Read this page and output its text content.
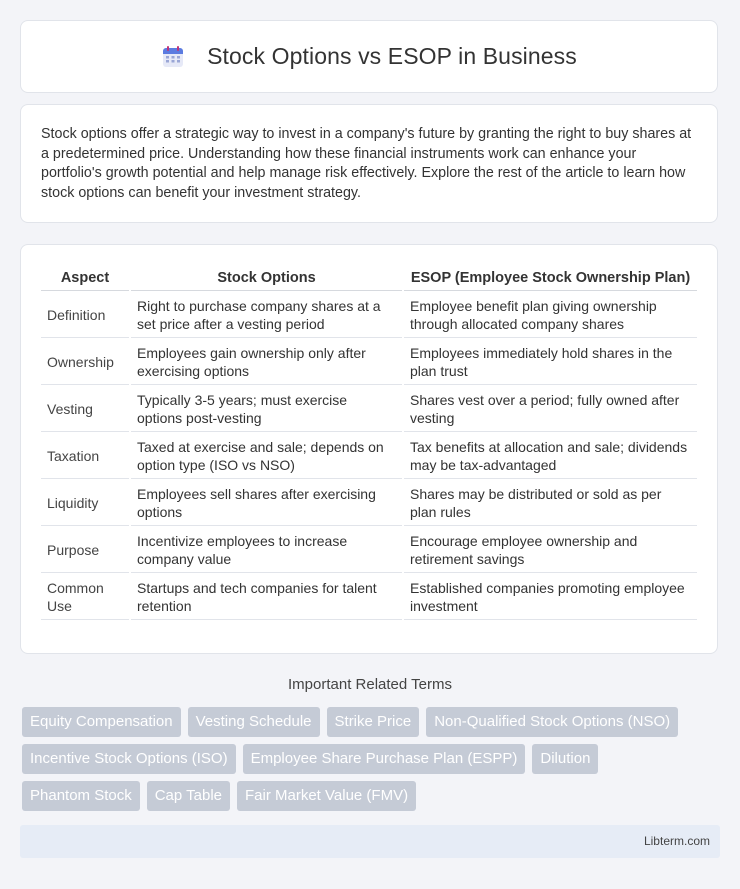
Stock Options vs ESOP in Business

Stock options offer a strategic way to invest in a company's future by granting the right to buy shares at a predetermined price. Understanding how these financial instruments work can enhance your portfolio's growth potential and help manage risk effectively. Explore the rest of the article to learn how stock options can benefit your investment strategy.

Aspect	Stock Options	ESOP (Employee Stock Ownership Plan)
Definition	Right to purchase company shares at a set price after a vesting period	Employee benefit plan giving ownership through allocated company shares
Ownership	Employees gain ownership only after exercising options	Employees immediately hold shares in the plan trust
Vesting	Typically 3-5 years; must exercise options post-vesting	Shares vest over a period; fully owned after vesting
Taxation	Taxed at exercise and sale; depends on option type (ISO vs NSO)	Tax benefits at allocation and sale; dividends may be tax-advantaged
Liquidity	Employees sell shares after exercising options	Shares may be distributed or sold as per plan rules
Purpose	Incentivize employees to increase company value	Encourage employee ownership and retirement savings
Common Use	Startups and tech companies for talent retention	Established companies promoting employee investment
Important Related Terms
Equity Compensation	Vesting Schedule	Strike Price	Non-Qualified Stock Options (NSO)
Incentive Stock Options (ISO)	Employee Share Purchase Plan (ESPP)	Dilution
Phantom Stock	Cap Table	Fair Market Value (FMV)
Libterm.com
